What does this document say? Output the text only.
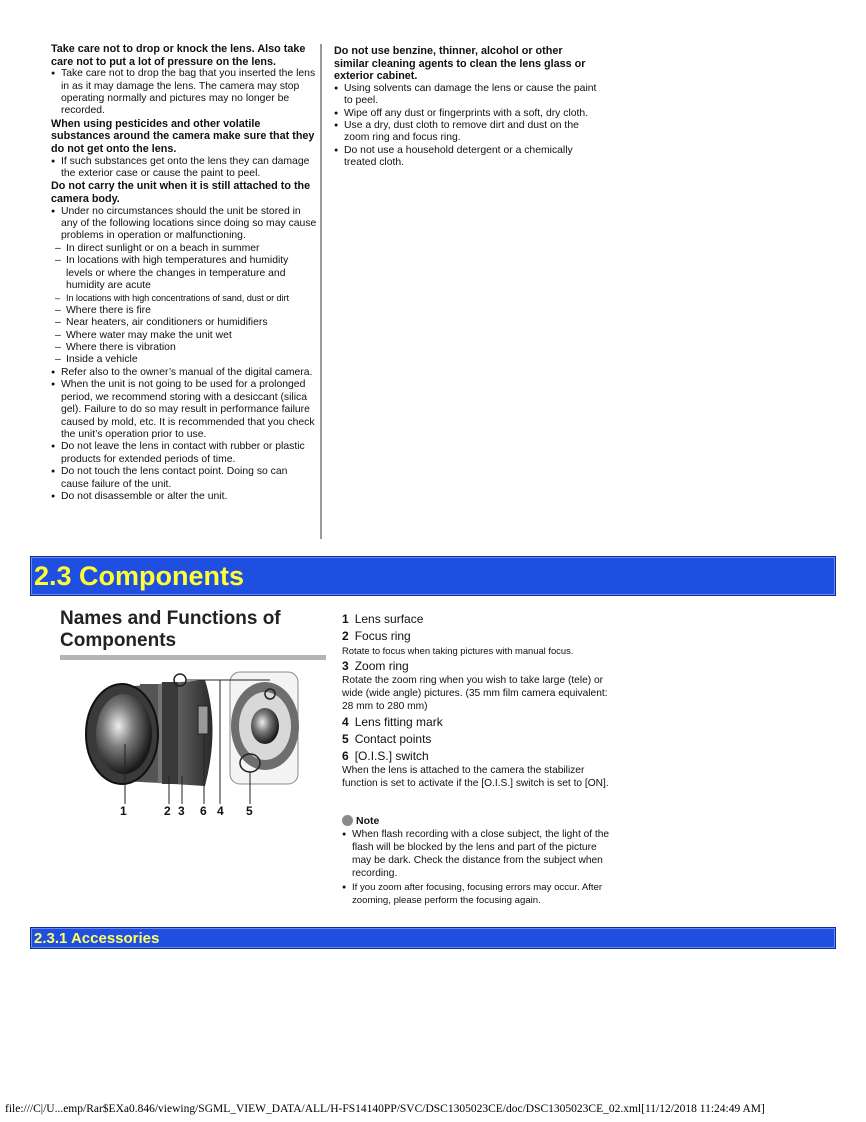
Take care not to drop or knock the lens. Also take care not to put a lot of pressure on the lens.

● Take care not to drop the bag that you inserted the lens in as it may damage the lens. The camera may stop operating normally and pictures may no longer be recorded.

When using pesticides and other volatile substances around the camera make sure that they do not get onto the lens.

● If such substances get onto the lens they can damage the exterior case or cause the paint to peel.

Do not carry the unit when it is still attached to the camera body.

● Under no circumstances should the unit be stored in any of the following locations since doing so may cause problems in operation or malfunctioning.
– In direct sunlight or on a beach in summer
– In locations with high temperatures and humidity levels or where the changes in temperature and humidity are acute
– In locations with high concentrations of sand, dust or dirt
– Where there is fire
– Near heaters, air conditioners or humidifiers
– Where water may make the unit wet
– Where there is vibration
– Inside a vehicle
● Refer also to the owner’s manual of the digital camera.
● When the unit is not going to be used for a prolonged period, we recommend storing with a desiccant (silica gel). Failure to do so may result in performance failure caused by mold, etc. It is recommended that you check the unit’s operation prior to use.
● Do not leave the lens in contact with rubber or plastic products for extended periods of time.
● Do not touch the lens contact point. Doing so can cause failure of the unit.
● Do not disassemble or alter the unit.

Do not use benzine, thinner, alcohol or other similar cleaning agents to clean the lens glass or exterior cabinet.

● Using solvents can damage the lens or cause the paint to peel.
● Wipe off any dust or fingerprints with a soft, dry cloth.
● Use a dry, dust cloth to remove dirt and dust on the zoom ring and focus ring.
● Do not use a household detergent or a chemically treated cloth.
2.3 Components
Names and Functions of Components
1	2 3 6 4 5
1 Lens surface
2 Focus ring
Rotate to focus when taking pictures with manual focus.
3 Zoom ring
Rotate the zoom ring when you wish to take large (tele) or wide (wide angle) pictures. (35 mm film camera equivalent: 28 mm to 280 mm)
4 Lens fitting mark
5 Contact points
6 [O.I.S.] switch
When the lens is attached to the camera the stabilizer function is set to activate if the [O.I.S.] switch is set to [ON].
Note
● When flash recording with a close subject, the light of the flash will be blocked by the lens and part of the picture may be dark. Check the distance from the subject when recording.
● If you zoom after focusing, focusing errors may occur. After zooming, please perform the focusing again.
2.3.1 Accessories
file:///C|/U...emp/Rar$EXa0.846/viewing/SGML_VIEW_DATA/ALL/H-FS14140PP/SVC/DSC1305023CE/doc/DSC1305023CE_02.xml[11/12/2018 11:24:49 AM]
